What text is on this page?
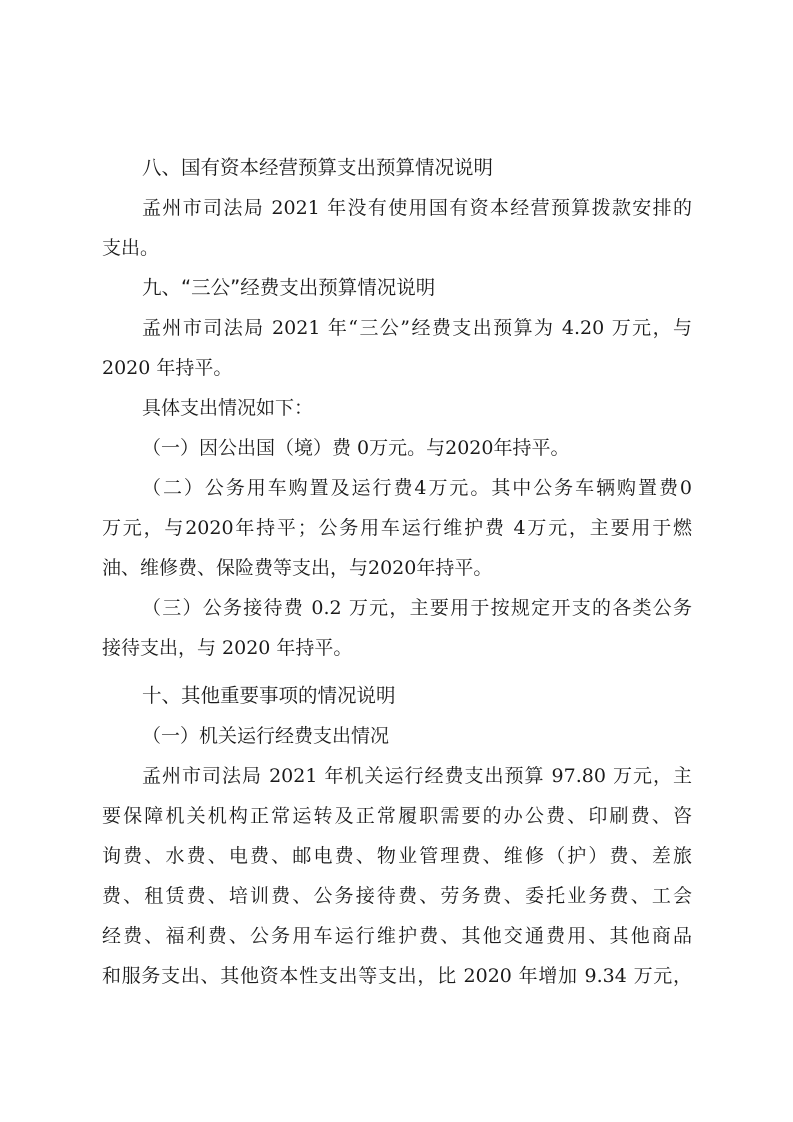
八、国有资本经营预算支出预算情况说明
孟州市司法局 2021 年没有使用国有资本经营预算拨款安排的
支出。
九、“三公”经费支出预算情况说明
孟州市司法局 2021 年“三公”经费支出预算为 4.20 万元，与
2020 年持平。
具体支出情况如下：
（一）因公出国（境）费 0万元。与2020年持平。
（二）公务用车购置及运行费4万元。其中公务车辆购置费0
万元，与2020年持平；公务用车运行维护费 4万元，主要用于燃
油、维修费、保险费等支出，与2020年持平。
（三）公务接待费 0.2 万元，主要用于按规定开支的各类公务
接待支出，与 2020 年持平。
十、其他重要事项的情况说明
（一）机关运行经费支出情况
孟州市司法局 2021 年机关运行经费支出预算 97.80 万元，主
要保障机关机构正常运转及正常履职需要的办公费、印刷费、咨
询费、水费、电费、邮电费、物业管理费、维修（护）费、差旅
费、租赁费、培训费、公务接待费、劳务费、委托业务费、工会
经费、福利费、公务用车运行维护费、其他交通费用、其他商品
和服务支出、其他资本性支出等支出，比 2020 年增加 9.34 万元，
